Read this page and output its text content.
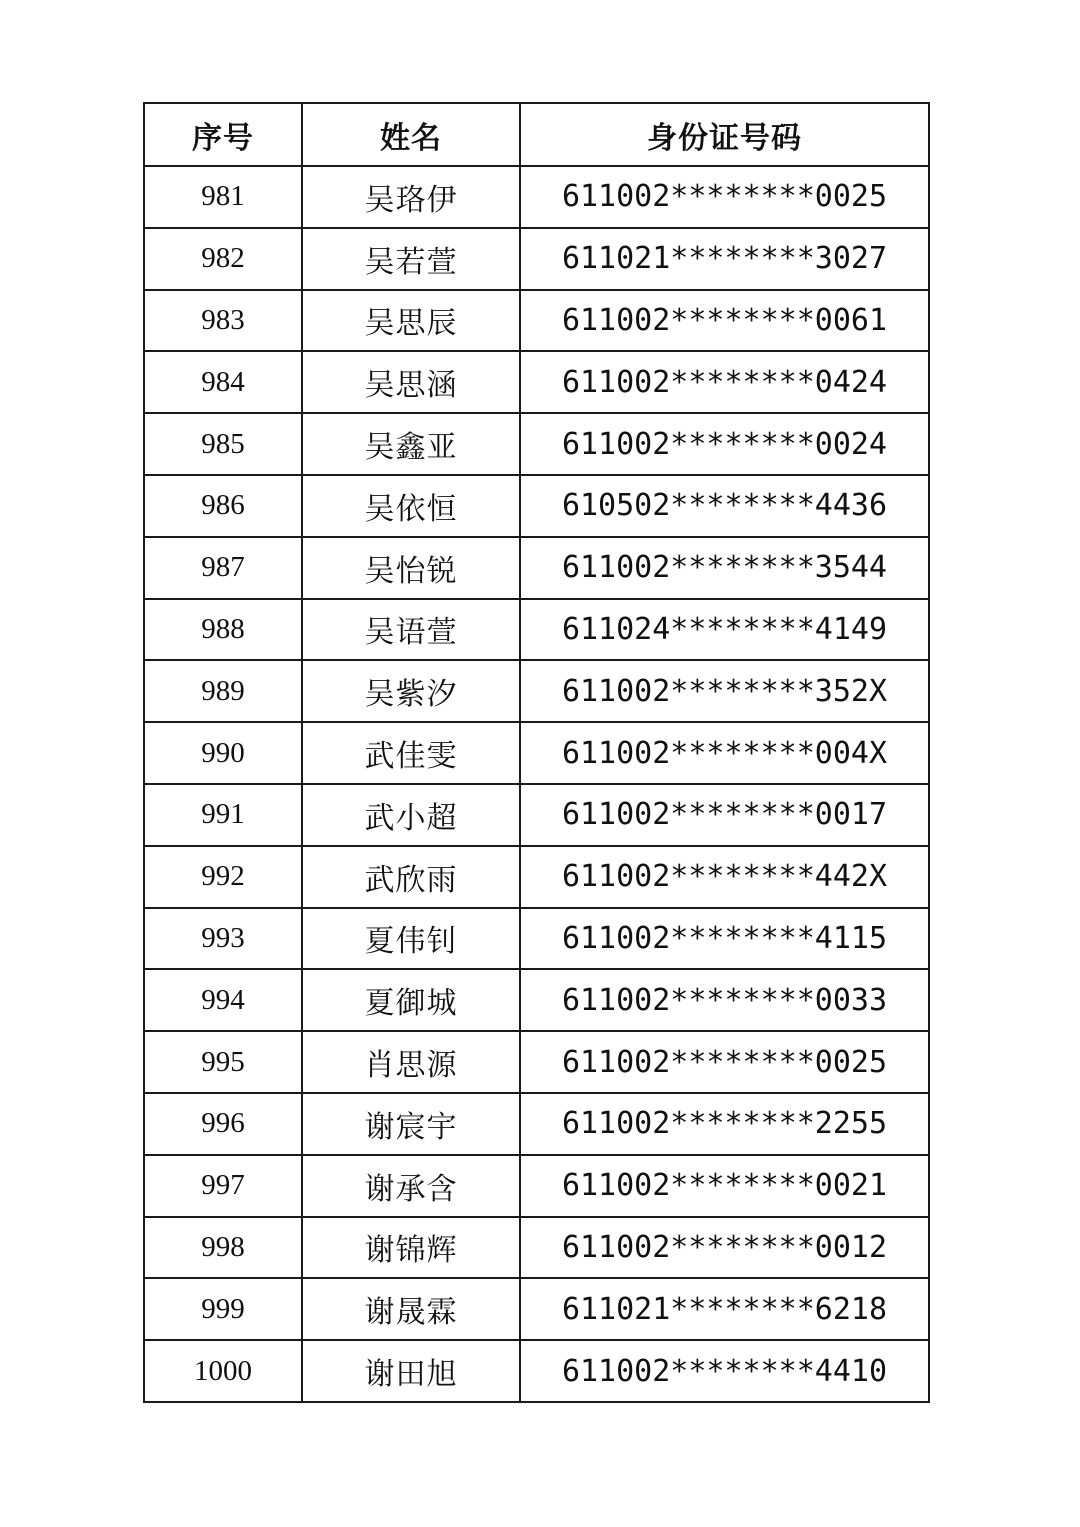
序号	姓名	身份证号码
981	吴珞伊	611002********0025
982	吴若萱	611021********3027
983	吴思辰	611002********0061
984	吴思涵	611002********0424
985	吴鑫亚	611002********0024
986	吴依恒	610502********4436
987	吴怡锐	611002********3544
988	吴语萱	611024********4149
989	吴紫汐	611002********352X
990	武佳雯	611002********004X
991	武小超	611002********0017
992	武欣雨	611002********442X
993	夏伟钊	611002********4115
994	夏御城	611002********0033
995	肖思源	611002********0025
996	谢宸宇	611002********2255
997	谢承含	611002********0021
998	谢锦辉	611002********0012
999	谢晟霖	611021********6218
1000	谢田旭	611002********4410
